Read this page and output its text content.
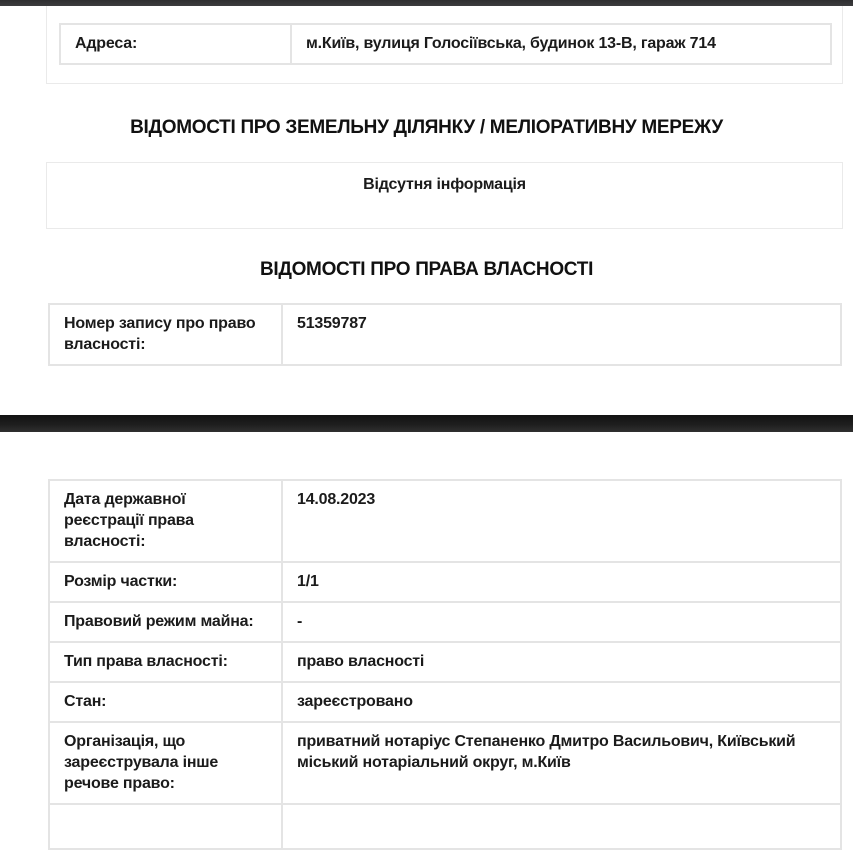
Адреса:	м.Київ, вулиця Голосіївська, будинок 13-В, гараж 714
ВІДОМОСТІ ПРО ЗЕМЕЛЬНУ ДІЛЯНКУ / МЕЛІОРАТИВНУ МЕРЕЖУ
Відсутня інформація
ВІДОМОСТІ ПРО ПРАВА ВЛАСНОСТІ
Номер запису про право власності:	51359787
Дата державної реєстрації права власності:	14.08.2023
Розмір частки:	1/1
Правовий режим майна:	-
Тип права власності:	право власності
Стан:	зареєстровано
Організація, що зареєструвала інше речове право:	приватний нотаріус Степаненко Дмитро Васильович, Київський міський нотаріальний округ, м.Київ
